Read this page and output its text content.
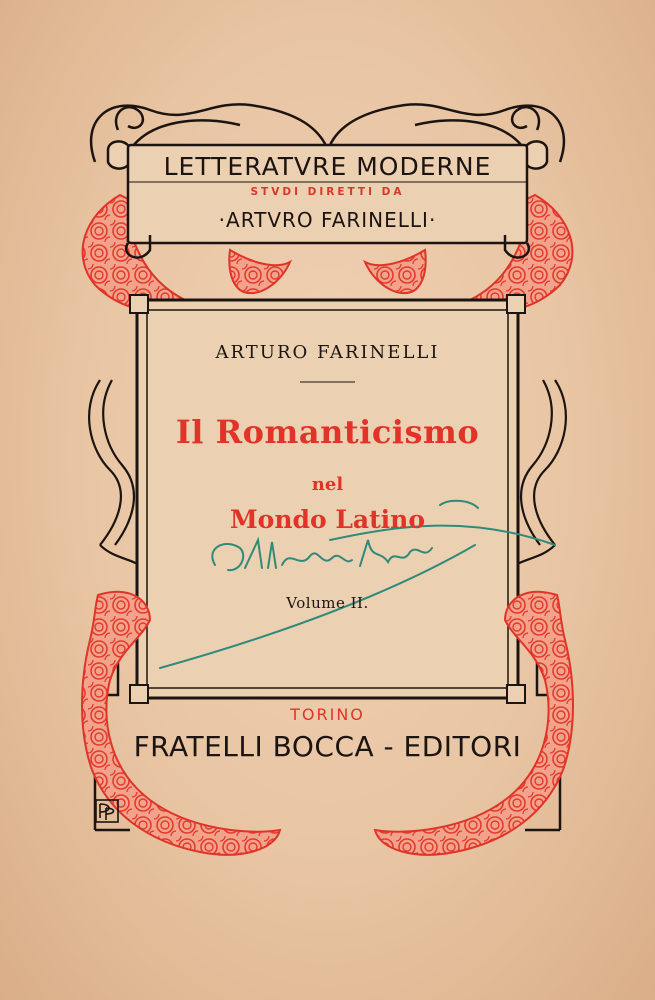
LETTERATVRE MODERNE

STVDI DIRETTI DA

·ARTVRO FARINELLI·

ARTURO FARINELLI

Il Romanticismo

nel

Mondo Latino

Volume II.

TORINO

FRATELLI BOCCA - EDITORI
